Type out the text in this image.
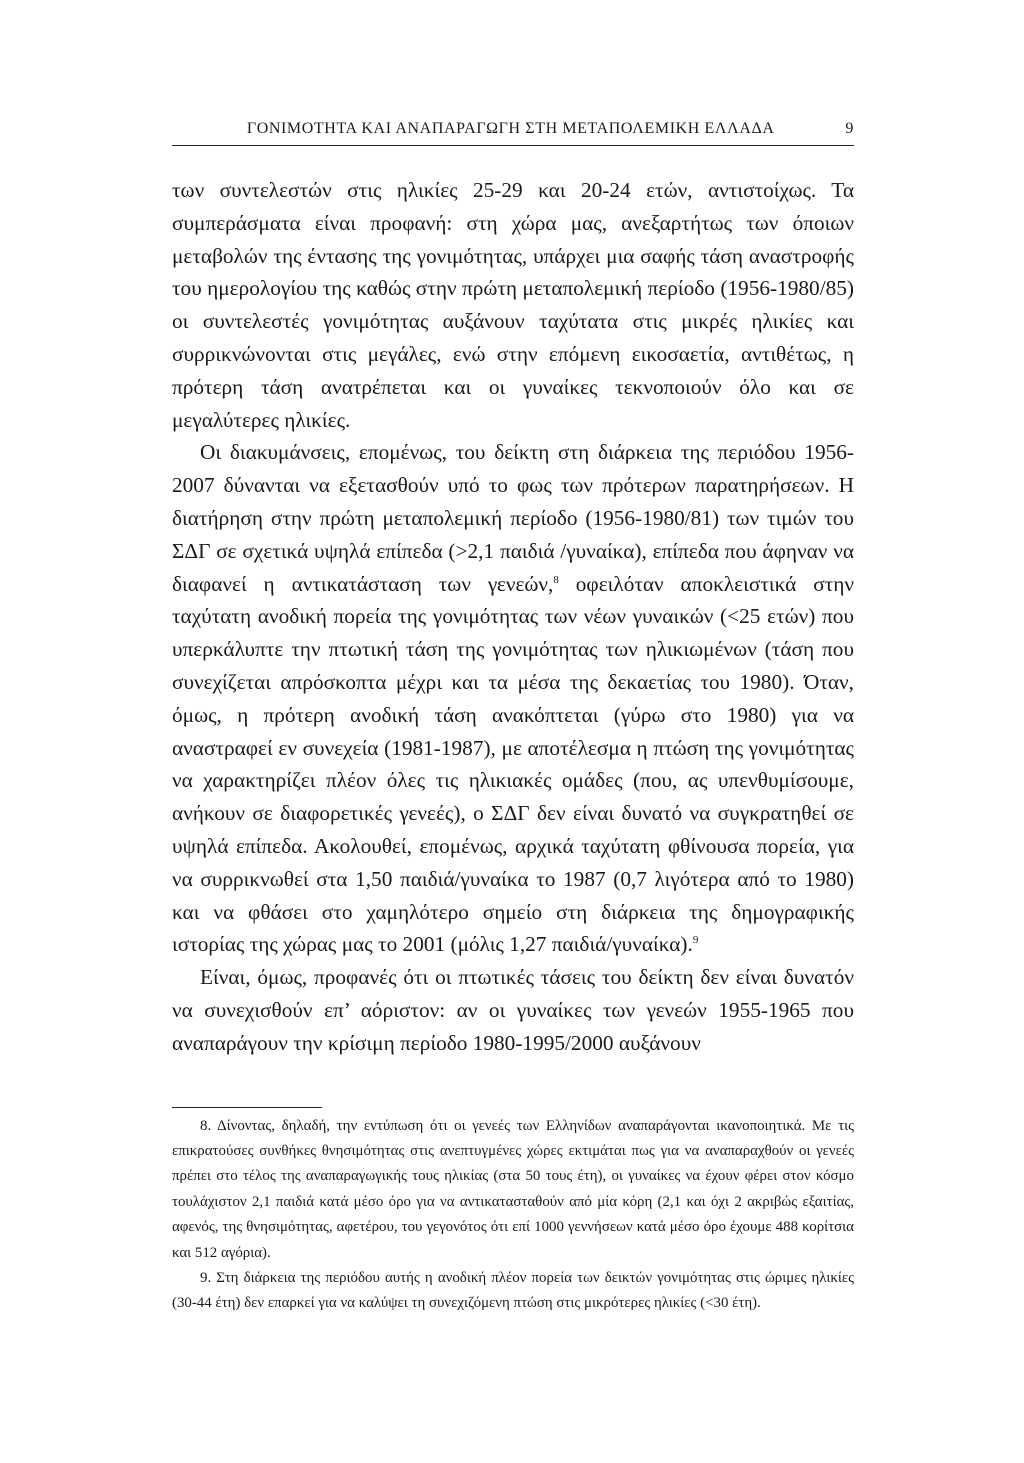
ΓΟΝΙΜΟΤΗΤΑ ΚΑΙ ΑΝΑΠΑΡΑΓΩΓΗ ΣΤΗ ΜΕΤΑΠΟΛΕΜΙΚΗ ΕΛΛΑΔΑ	9

των συντελεστών στις ηλικίες 25-29 και 20-24 ετών, αντιστοίχως. Τα συμπεράσματα είναι προφανή: στη χώρα μας, ανεξαρτήτως των όποιων μεταβολών της έντασης της γονιμότητας, υπάρχει μια σαφής τάση αναστροφής του ημερολογίου της καθώς στην πρώτη μεταπολεμική περίοδο (1956-1980/85) οι συντελεστές γονιμότητας αυξάνουν ταχύτατα στις μικρές ηλικίες και συρρικνώνονται στις μεγάλες, ενώ στην επόμενη εικοσαετία, αντιθέτως, η πρότερη τάση ανατρέπεται και οι γυναίκες τεκνοποιούν όλο και σε μεγαλύτερες ηλικίες.

Οι διακυμάνσεις, επομένως, του δείκτη στη διάρκεια της περιόδου 1956-2007 δύνανται να εξετασθούν υπό το φως των πρότερων παρατηρήσεων. Η διατήρηση στην πρώτη μεταπολεμική περίοδο (1956-1980/81) των τιμών του ΣΔΓ σε σχετικά υψηλά επίπεδα (>2,1 παιδιά /γυναίκα), επίπεδα που άφηναν να διαφανεί η αντικατάσταση των γενεών,$^8$ οφειλόταν αποκλειστικά στην ταχύτατη ανοδική πορεία της γονιμότητας των νέων γυναικών (<25 ετών) που υπερκάλυπτε την πτωτική τάση της γονιμότητας των ηλικιωμένων (τάση που συνεχίζεται απρόσκοπτα μέχρι και τα μέσα της δεκαετίας του 1980). Όταν, όμως, η πρότερη ανοδική τάση ανακόπτεται (γύρω στο 1980) για να αναστραφεί εν συνεχεία (1981-1987), με αποτέλεσμα η πτώση της γονιμότητας να χαρακτηρίζει πλέον όλες τις ηλικιακές ομάδες (που, ας υπενθυμίσουμε, ανήκουν σε διαφορετικές γενεές), ο ΣΔΓ δεν είναι δυνατό να συγκρατηθεί σε υψηλά επίπεδα. Ακολουθεί, επομένως, αρχικά ταχύτατη φθίνουσα πορεία, για να συρρικνωθεί στα 1,50 παιδιά/γυναίκα το 1987 (0,7 λιγότερα από το 1980) και να φθάσει στο χαμηλότερο σημείο στη διάρκεια της δημογραφικής ιστορίας της χώρας μας το 2001 (μόλις 1,27 παιδιά/γυναίκα).$^9$

Είναι, όμως, προφανές ότι οι πτωτικές τάσεις του δείκτη δεν είναι δυνατόν να συνεχισθούν επ’ αόριστον: αν οι γυναίκες των γενεών 1955-1965 που αναπαράγουν την κρίσιμη περίοδο 1980-1995/2000 αυξάνουν

8. Δίνοντας, δηλαδή, την εντύπωση ότι οι γενεές των Ελληνίδων αναπαράγονται ικανοποιητικά. Με τις επικρατούσες συνθήκες θνησιμότητας στις ανεπτυγμένες χώρες εκτιμάται πως για να αναπαραχθούν οι γενεές πρέπει στο τέλος της αναπαραγωγικής τους ηλικίας (στα 50 τους έτη), οι γυναίκες να έχουν φέρει στον κόσμο τουλάχιστον 2,1 παιδιά κατά μέσο όρο για να αντικατασταθούν από μία κόρη (2,1 και όχι 2 ακριβώς εξαιτίας, αφενός, της θνησιμότητας, αφετέρου, του γεγονότος ότι επί 1000 γεννήσεων κατά μέσο όρο έχουμε 488 κορίτσια και 512 αγόρια).

9. Στη διάρκεια της περιόδου αυτής η ανοδική πλέον πορεία των δεικτών γονιμότητας στις ώριμες ηλικίες (30-44 έτη) δεν επαρκεί για να καλύψει τη συνεχιζόμενη πτώση στις μικρότερες ηλικίες (<30 έτη).
